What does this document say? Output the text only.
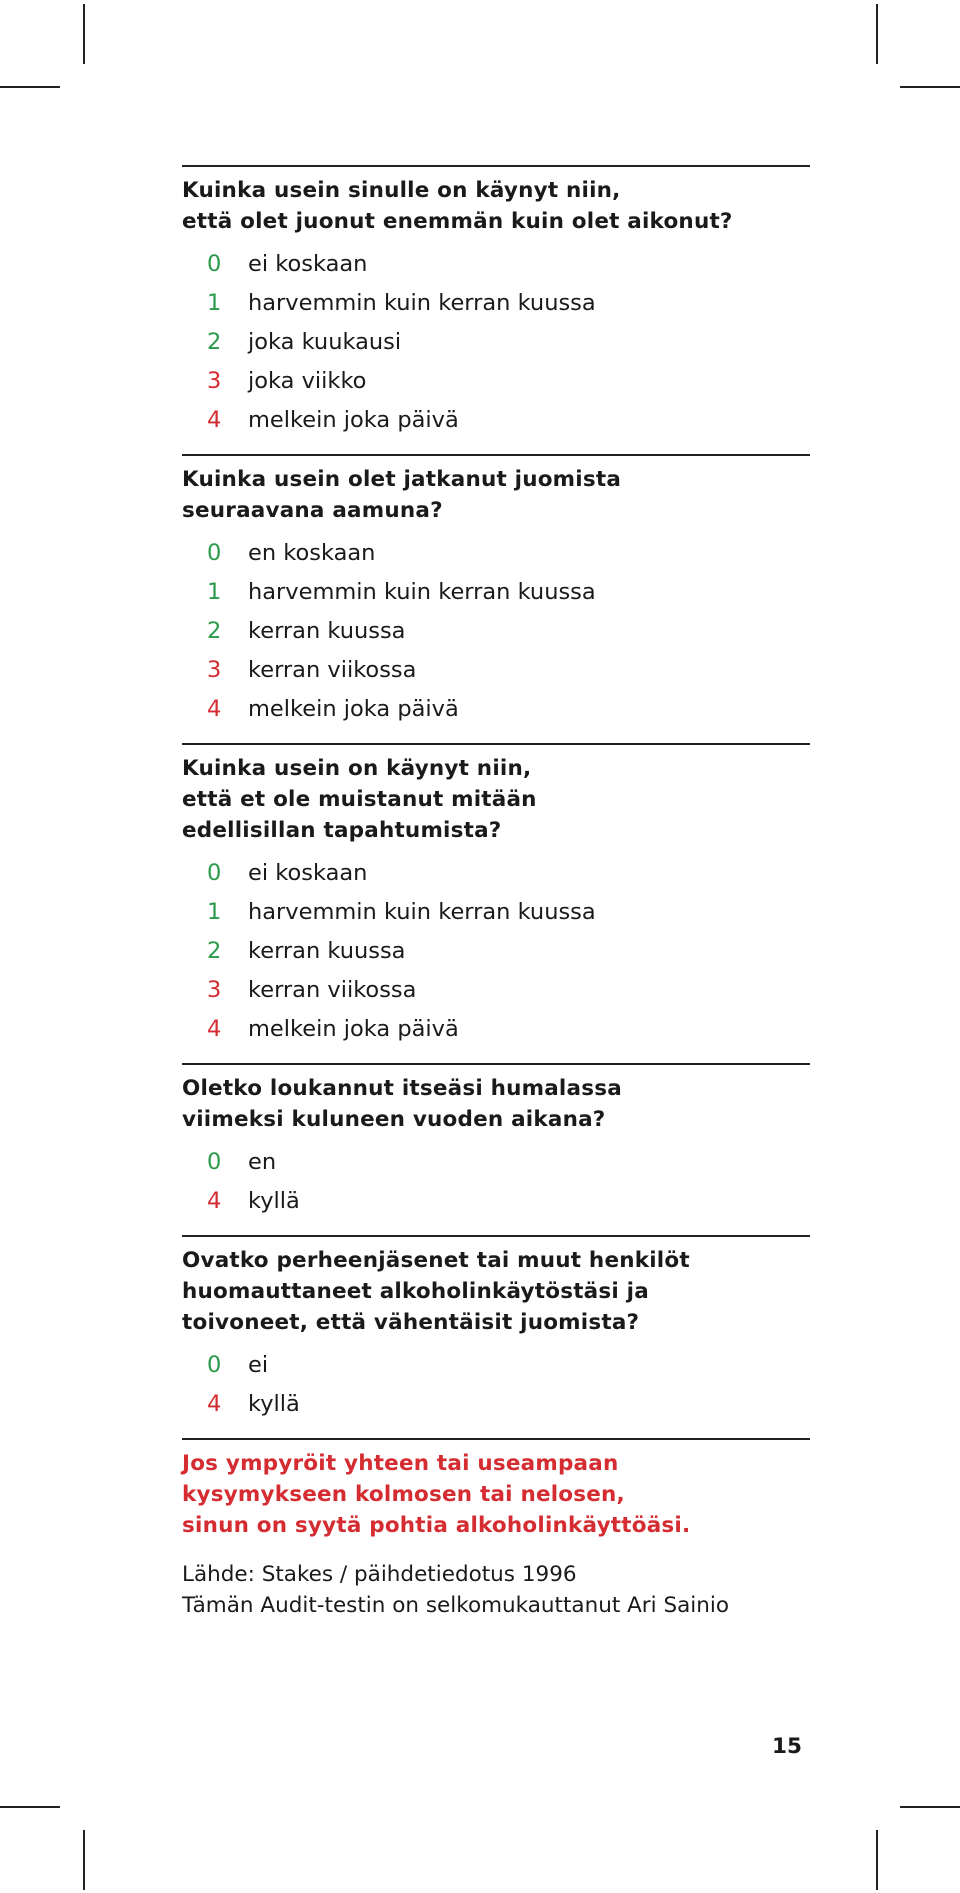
Kuinka usein sinulle on käynyt niin,
että olet juonut enemmän kuin olet aikonut?
0	ei koskaan
1	harvemmin kuin kerran kuussa
2	joka kuukausi
3	joka viikko
4	melkein joka päivä
Kuinka usein olet jatkanut juomista
seuraavana aamuna?
0	en koskaan
1	harvemmin kuin kerran kuussa
2	kerran kuussa
3	kerran viikossa
4	melkein joka päivä
Kuinka usein on käynyt niin,
että et ole muistanut mitään
edellisillan tapahtumista?
0	ei koskaan
1	harvemmin kuin kerran kuussa
2	kerran kuussa
3	kerran viikossa
4	melkein joka päivä
Oletko loukannut itseäsi humalassa
viimeksi kuluneen vuoden aikana?
0	en
4	kyllä
Ovatko perheenjäsenet tai muut henkilöt
huomauttaneet alkoholinkäytöstäsi ja
toivoneet, että vähentäisit juomista?
0	ei
4	kyllä
Jos ympyröit yhteen tai useampaan
kysymykseen kolmosen tai nelosen,
sinun on syytä pohtia alkoholinkäyttöäsi.
Lähde: Stakes / päihdetiedotus 1996
Tämän Audit-testin on selkomukauttanut Ari Sainio
15
